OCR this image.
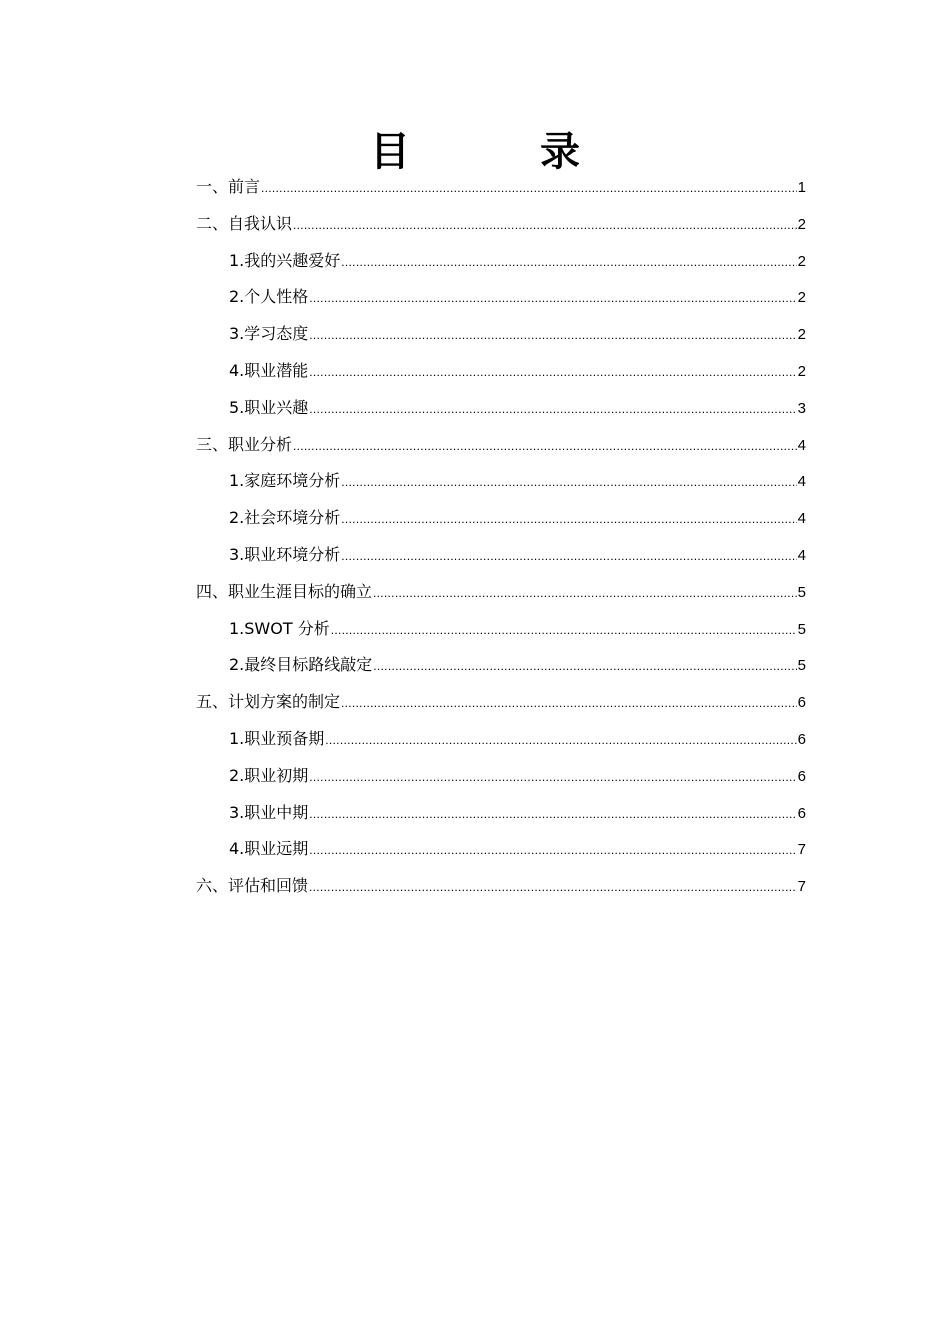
目 录
一、前言 .....	1
二、自我认识 .....	2
1.我的兴趣爱好 .....	2
2.个人性格 .....	2
3.学习态度 .....	2
4.职业潜能 .....	2
5.职业兴趣 .....	3
三、职业分析 .....	4
1.家庭环境分析 .....	4
2.社会环境分析 .....	4
3.职业环境分析 .....	4
四、职业生涯目标的确立 .....	5
1.SWOT 分析 .....	5
2.最终目标路线敲定 .....	5
五、计划方案的制定 .....	6
1.职业预备期 .....	6
2.职业初期 .....	6
3.职业中期 .....	6
4.职业远期 .....	7
六、评估和回馈 .....	7
